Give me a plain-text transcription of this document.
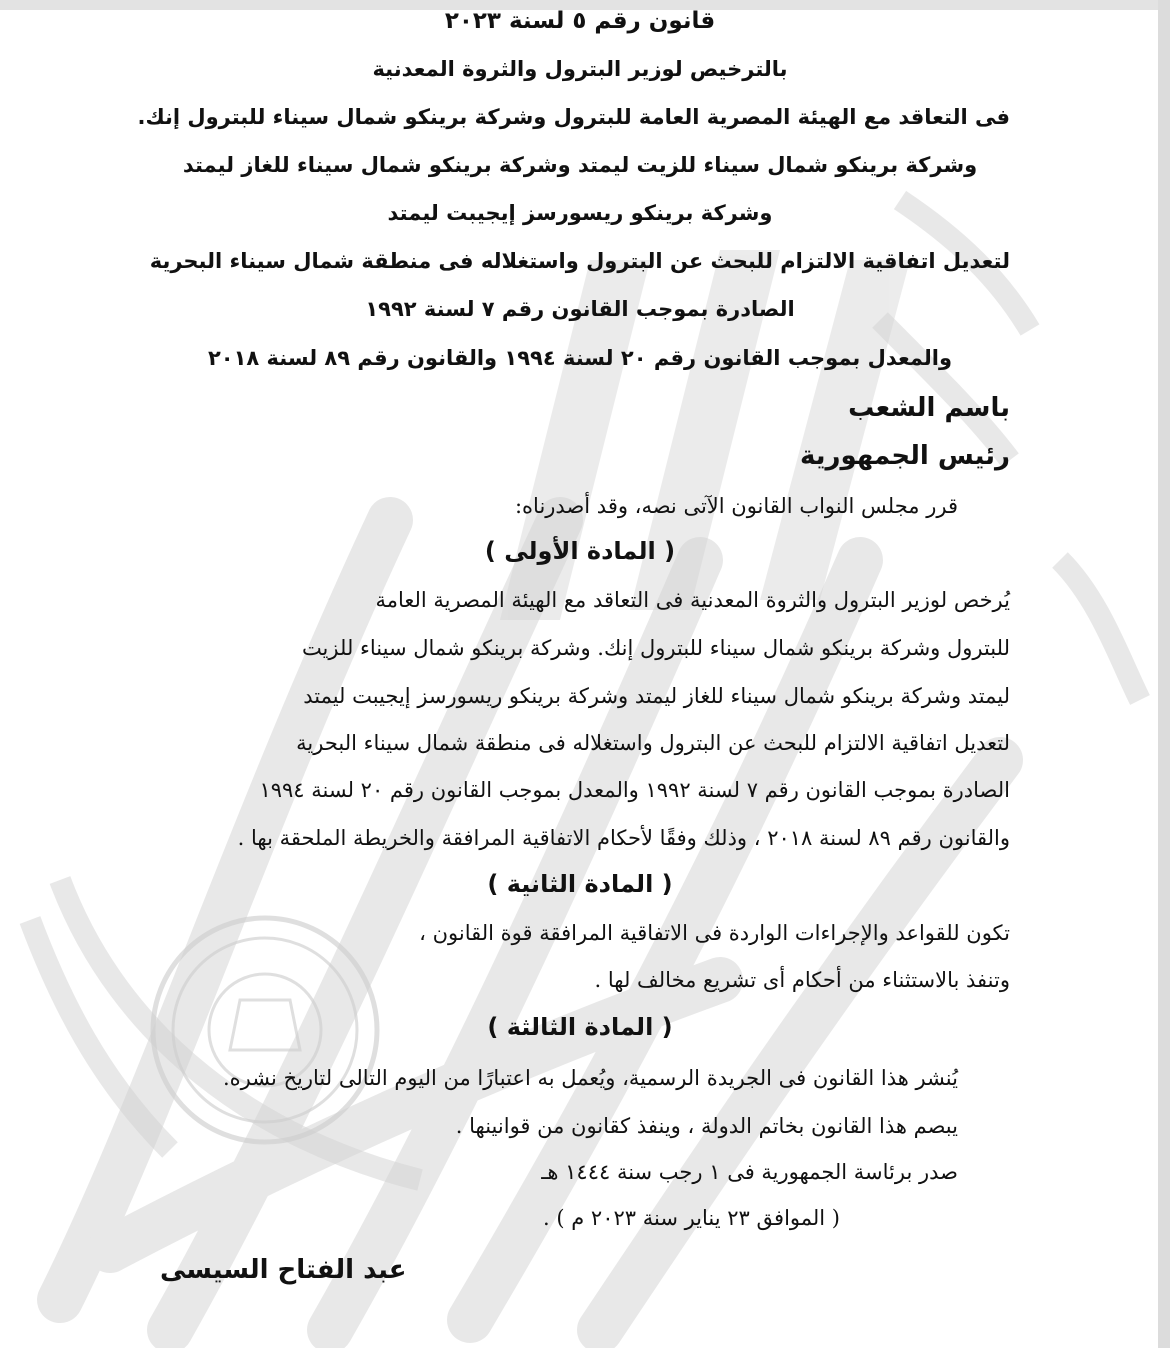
قانون رقم ٥ لسنة ٢٠٢٣
بالترخيص لوزير البترول والثروة المعدنية
فى التعاقد مع الهيئة المصرية العامة للبترول وشركة برينكو شمال سيناء للبترول إنك.
وشركة برينكو شمال سيناء للزيت ليمتد وشركة برينكو شمال سيناء للغاز ليمتد
وشركة برينكو ريسورسز إيجيبت ليمتد
لتعديل اتفاقية الالتزام للبحث عن البترول واستغلاله فى منطقة شمال سيناء البحرية
الصادرة بموجب القانون رقم ٧ لسنة ١٩٩٢
والمعدل بموجب القانون رقم ٢٠ لسنة ١٩٩٤ والقانون رقم ٨٩ لسنة ٢٠١٨
باسم الشعب
رئيس الجمهورية
قرر مجلس النواب القانون الآتى نصه، وقد أصدرناه:
( المادة الأولى )
يُرخص لوزير البترول والثروة المعدنية فى التعاقد مع الهيئة المصرية العامة
للبترول وشركة برينكو شمال سيناء للبترول إنك. وشركة برينكو شمال سيناء للزيت
ليمتد وشركة برينكو شمال سيناء للغاز ليمتد وشركة برينكو ريسورسز إيجيبت ليمتد
لتعديل اتفاقية الالتزام للبحث عن البترول واستغلاله فى منطقة شمال سيناء البحرية
الصادرة بموجب القانون رقم ٧ لسنة ١٩٩٢ والمعدل بموجب القانون رقم ٢٠ لسنة ١٩٩٤
والقانون رقم ٨٩ لسنة ٢٠١٨ ، وذلك وفقًا لأحكام الاتفاقية المرافقة والخريطة الملحقة بها .
( المادة الثانية )
تكون للقواعد والإجراءات الواردة فى الاتفاقية المرافقة قوة القانون ،
وتنفذ بالاستثناء من أحكام أى تشريع مخالف لها .
( المادة الثالثة )
يُنشر هذا القانون فى الجريدة الرسمية، ويُعمل به اعتبارًا من اليوم التالى لتاريخ نشره.
يبصم هذا القانون بخاتم الدولة ، وينفذ كقانون من قوانينها .
صدر برئاسة الجمهورية فى ١ رجب سنة ١٤٤٤ هـ
( الموافق ٢٣ يناير سنة ٢٠٢٣ م ) .
عبد الفتاح السيسى
